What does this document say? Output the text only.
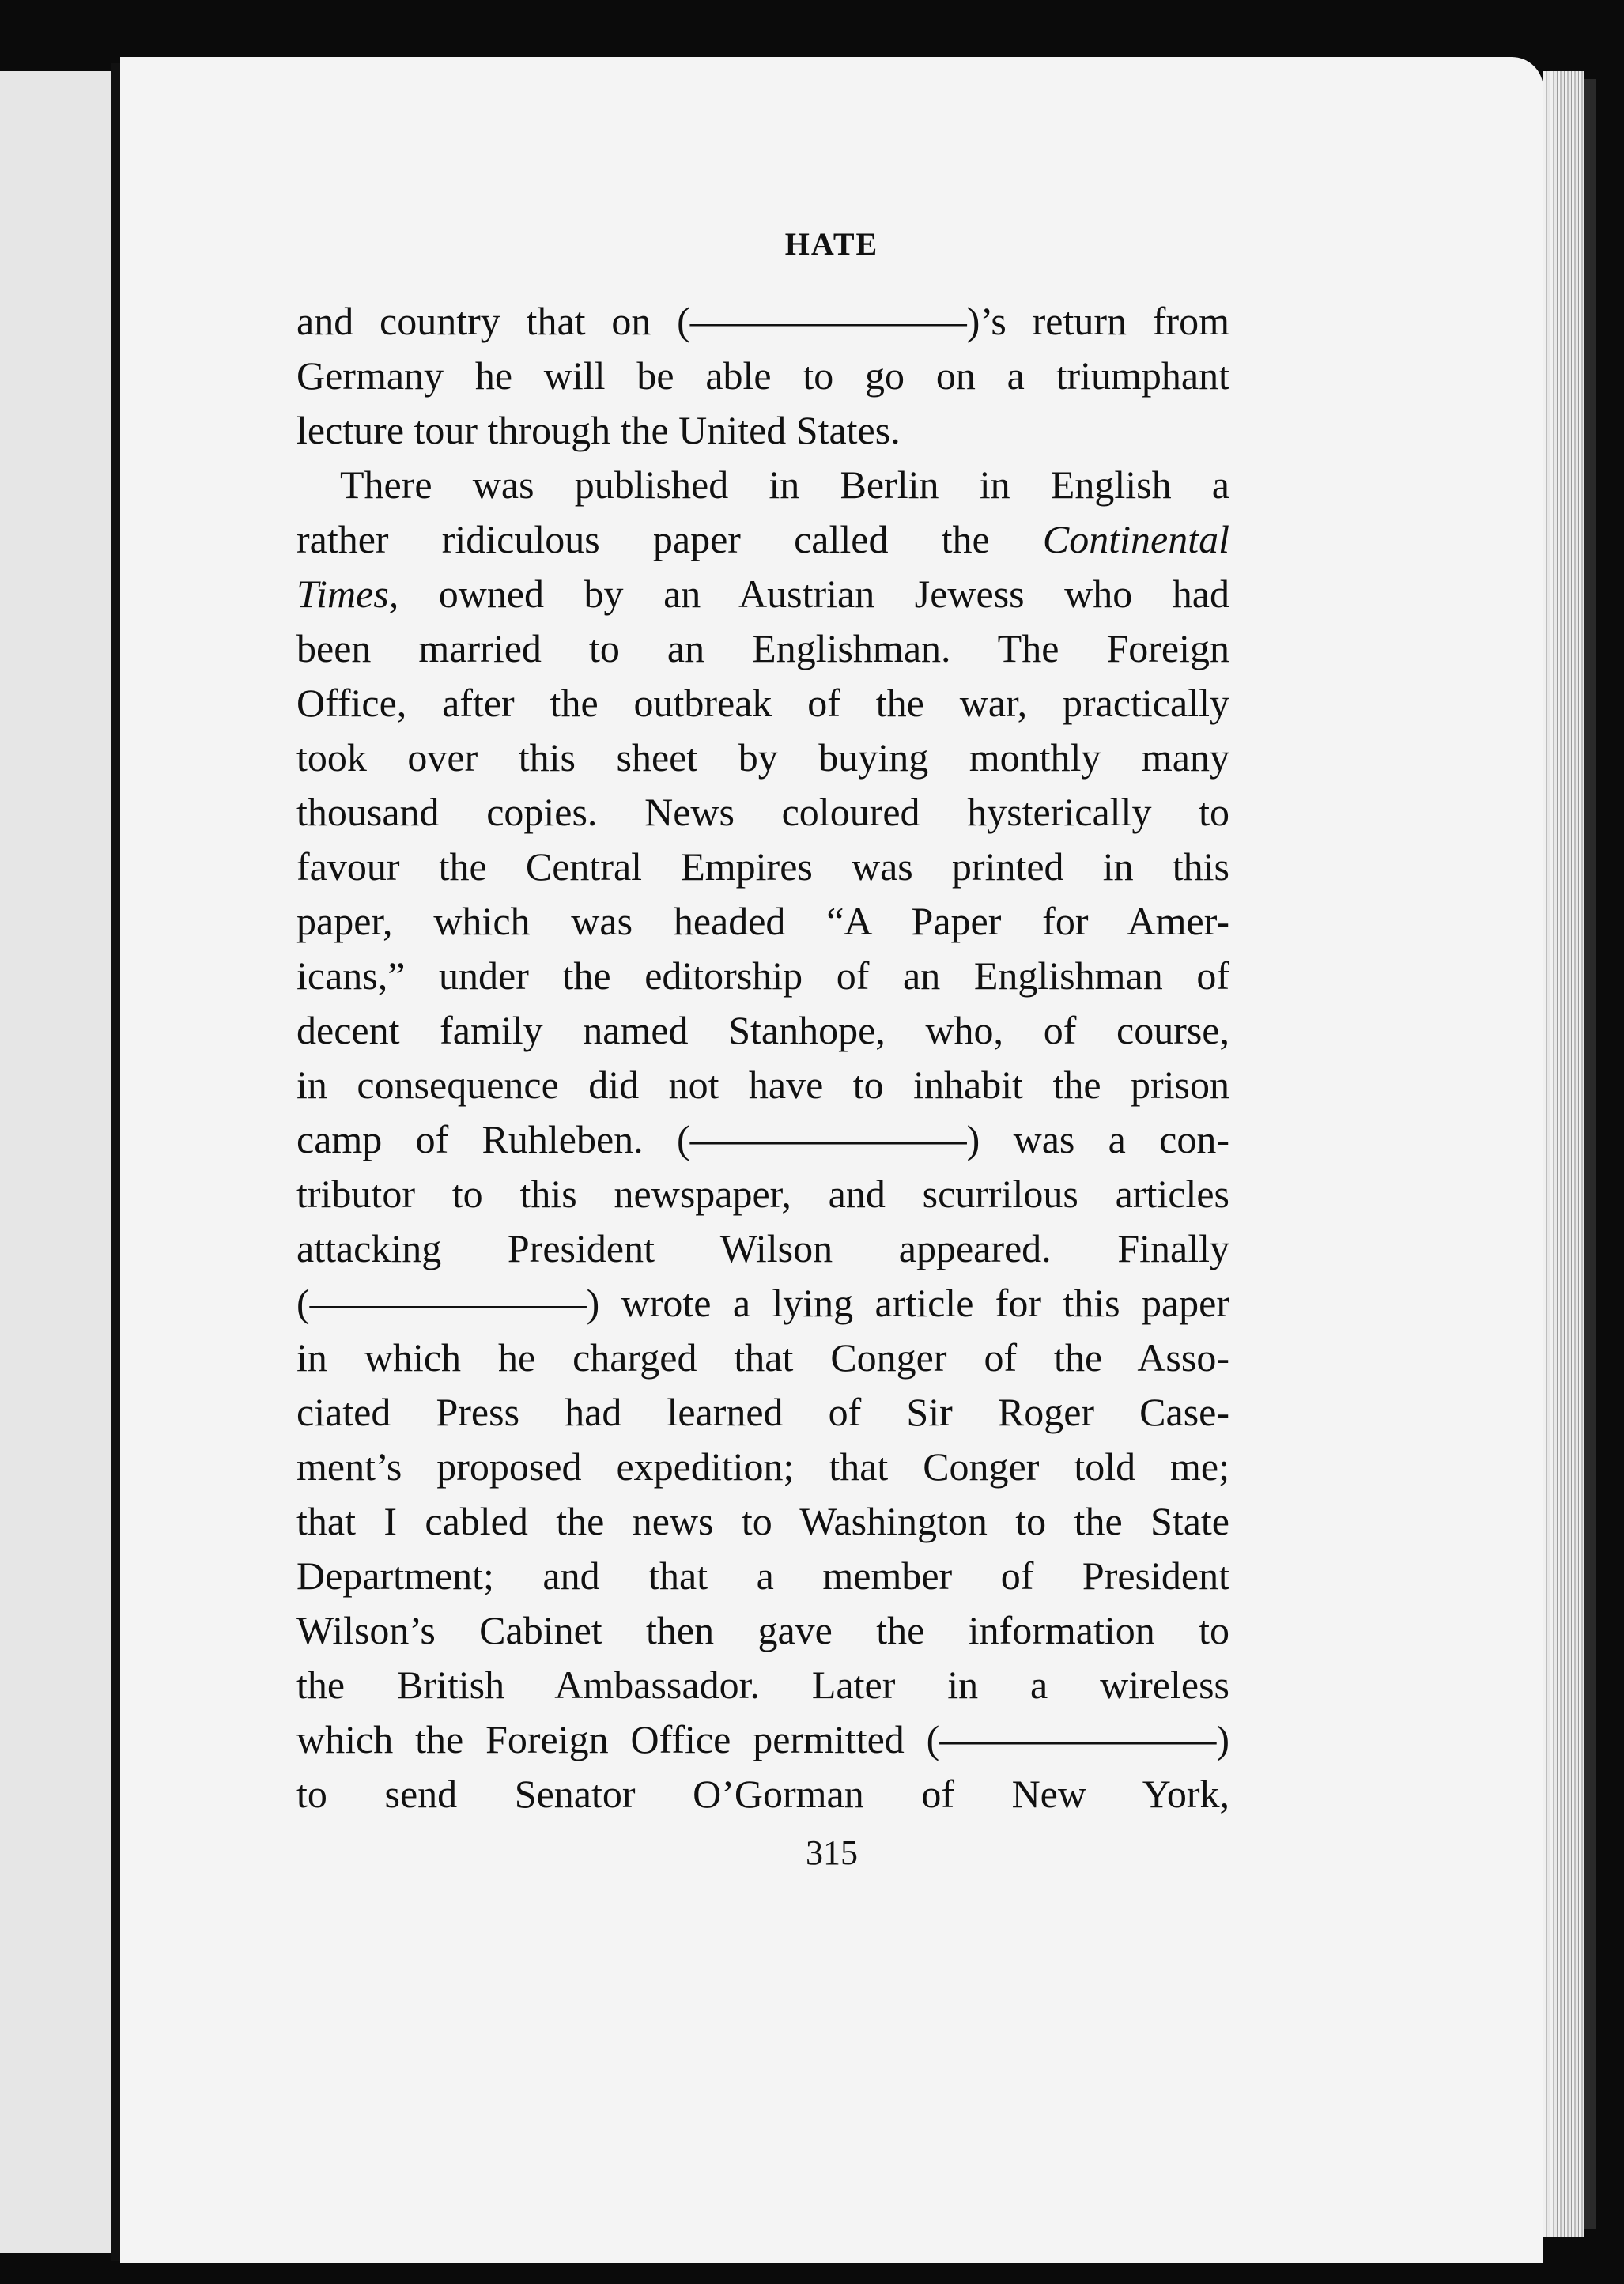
HATE
and country that on (———————)’s return from
Germany he will be able to go on a triumphant
lecture tour through the United States.
There was published in Berlin in English a
rather ridiculous paper called the Continental
Times, owned by an Austrian Jewess who had
been married to an Englishman. The Foreign
Office, after the outbreak of the war, practically
took over this sheet by buying monthly many
thousand copies. News coloured hysterically to
favour the Central Empires was printed in this
paper, which was headed “A Paper for Amer-
icans,” under the editorship of an Englishman of
decent family named Stanhope, who, of course,
in consequence did not have to inhabit the prison
camp of Ruhleben. (———————) was a con-
tributor to this newspaper, and scurrilous articles
attacking President Wilson appeared. Finally
(———————) wrote a lying article for this paper
in which he charged that Conger of the Asso-
ciated Press had learned of Sir Roger Case-
ment’s proposed expedition; that Conger told me;
that I cabled the news to Washington to the State
Department; and that a member of President
Wilson’s Cabinet then gave the information to
the British Ambassador. Later in a wireless
which the Foreign Office permitted (———————)
to send Senator O’Gorman of New York,
315
